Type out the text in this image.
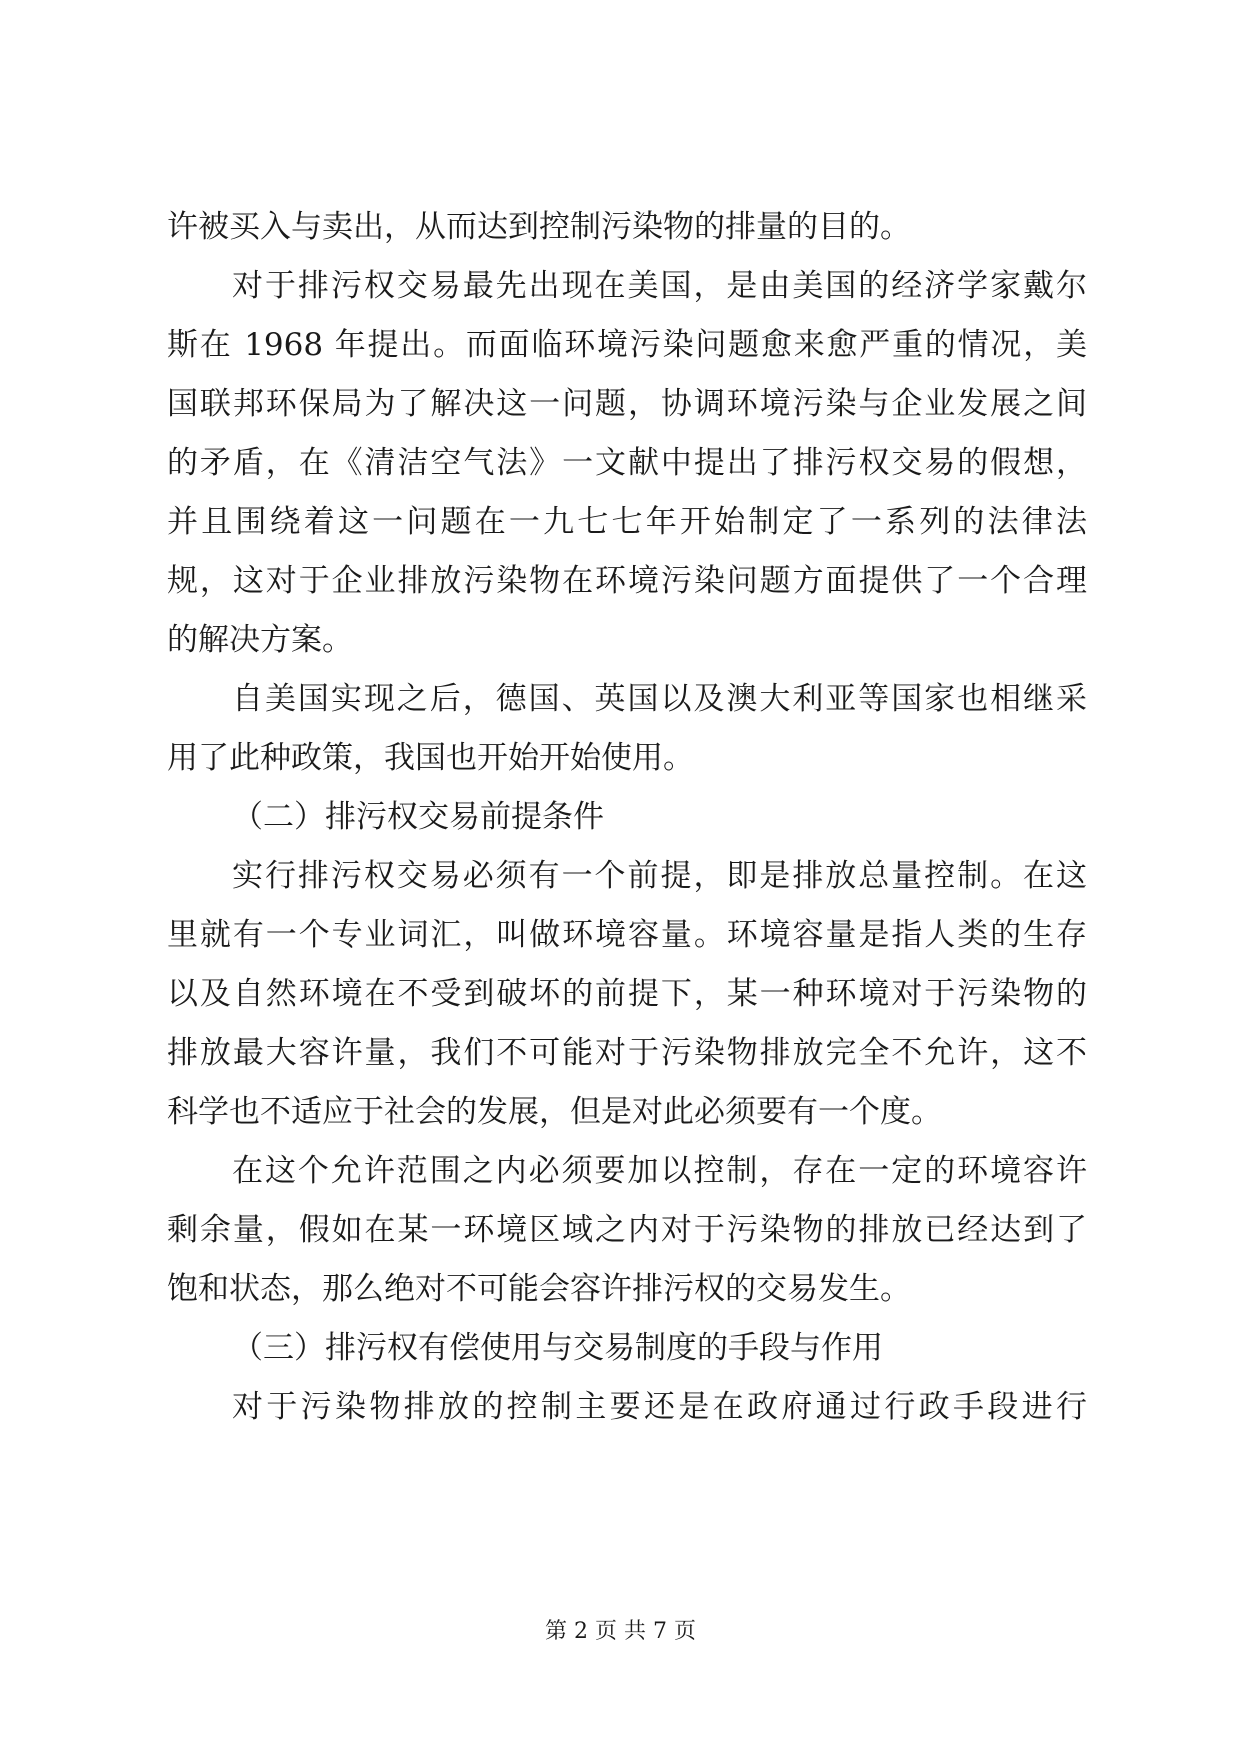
许被买入与卖出，从而达到控制污染物的排量的目的。
对于排污权交易最先出现在美国，是由美国的经济学家戴尔
斯在 1968 年提出。而面临环境污染问题愈来愈严重的情况，美
国联邦环保局为了解决这一问题，协调环境污染与企业发展之间
的矛盾，在《清洁空气法》一文献中提出了排污权交易的假想，
并且围绕着这一问题在一九七七年开始制定了一系列的法律法
规，这对于企业排放污染物在环境污染问题方面提供了一个合理
的解决方案。
自美国实现之后，德国、英国以及澳大利亚等国家也相继采
用了此种政策，我国也开始开始使用。
（二）排污权交易前提条件
实行排污权交易必须有一个前提，即是排放总量控制。在这
里就有一个专业词汇，叫做环境容量。环境容量是指人类的生存
以及自然环境在不受到破坏的前提下，某一种环境对于污染物的
排放最大容许量，我们不可能对于污染物排放完全不允许，这不
科学也不适应于社会的发展，但是对此必须要有一个度。
在这个允许范围之内必须要加以控制，存在一定的环境容许
剩余量，假如在某一环境区域之内对于污染物的排放已经达到了
饱和状态，那么绝对不可能会容许排污权的交易发生。
（三）排污权有偿使用与交易制度的手段与作用
对于污染物排放的控制主要还是在政府通过行政手段进行
第 2 页 共 7 页
